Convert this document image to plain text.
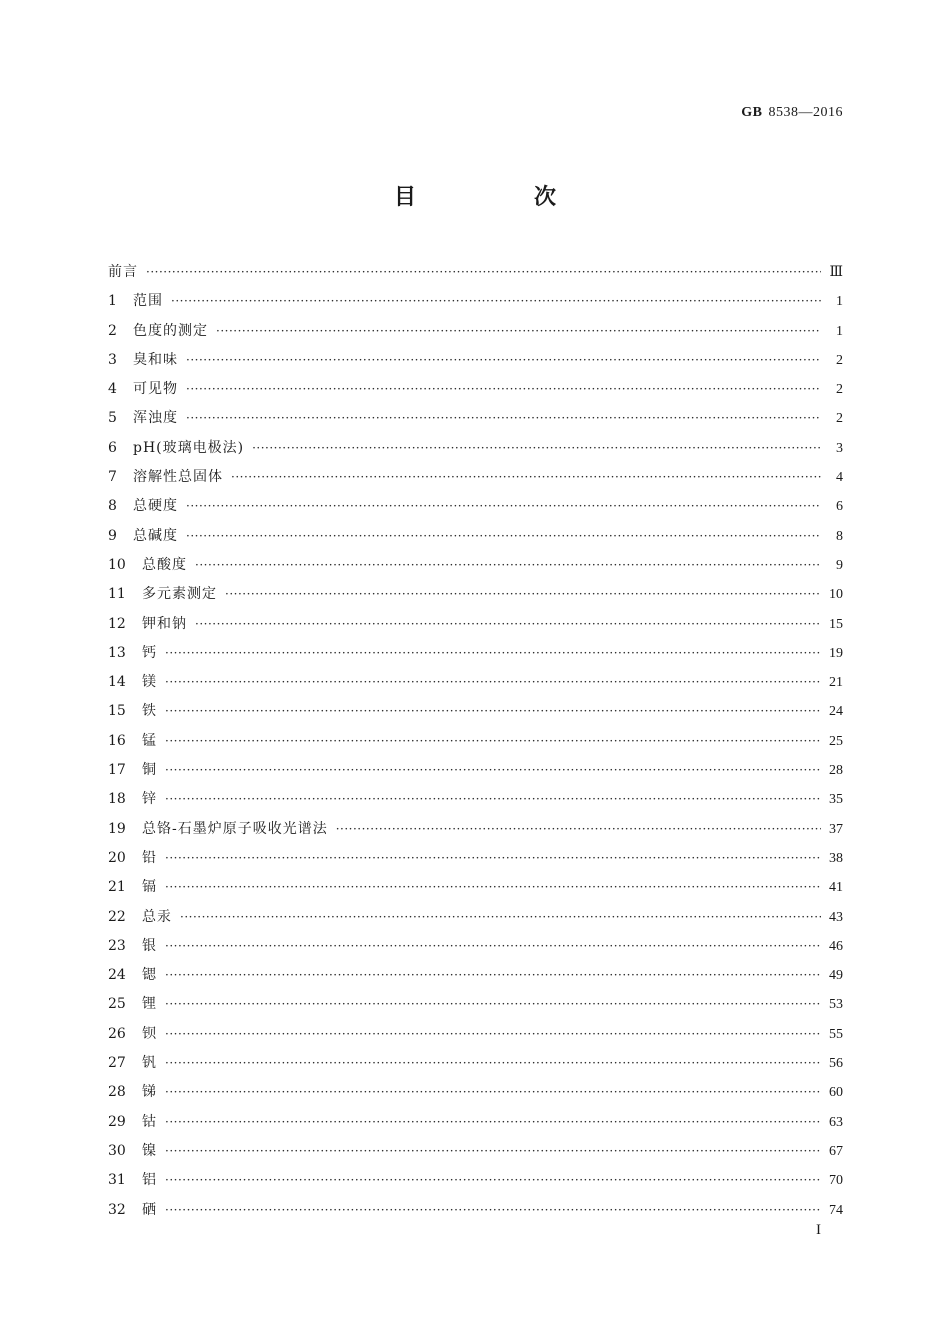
GB 8538—2016
目　次
前言 ·····	Ⅲ
1	范围 ·····	1
2	色度的测定 ·····	1
3	臭和味 ·····	2
4	可见物 ·····	2
5	浑浊度 ·····	2
6	pH(玻璃电极法) ·····	3
7	溶解性总固体 ·····	4
8	总硬度 ·····	6
9	总碱度 ·····	8
10	总酸度 ·····	9
11	多元素测定 ·····	10
12	钾和钠 ·····	15
13	钙 ·····	19
14	镁 ·····	21
15	铁 ·····	24
16	锰 ·····	25
17	铜 ·····	28
18	锌 ·····	35
19	总铬-石墨炉原子吸收光谱法 ·····	37
20	铅 ·····	38
21	镉 ·····	41
22	总汞 ·····	43
23	银 ·····	46
24	锶 ·····	49
25	锂 ·····	53
26	钡 ·····	55
27	钒 ·····	56
28	锑 ·····	60
29	钴 ·····	63
30	镍 ·····	67
31	铝 ·····	70
32	硒 ·····	74
I
